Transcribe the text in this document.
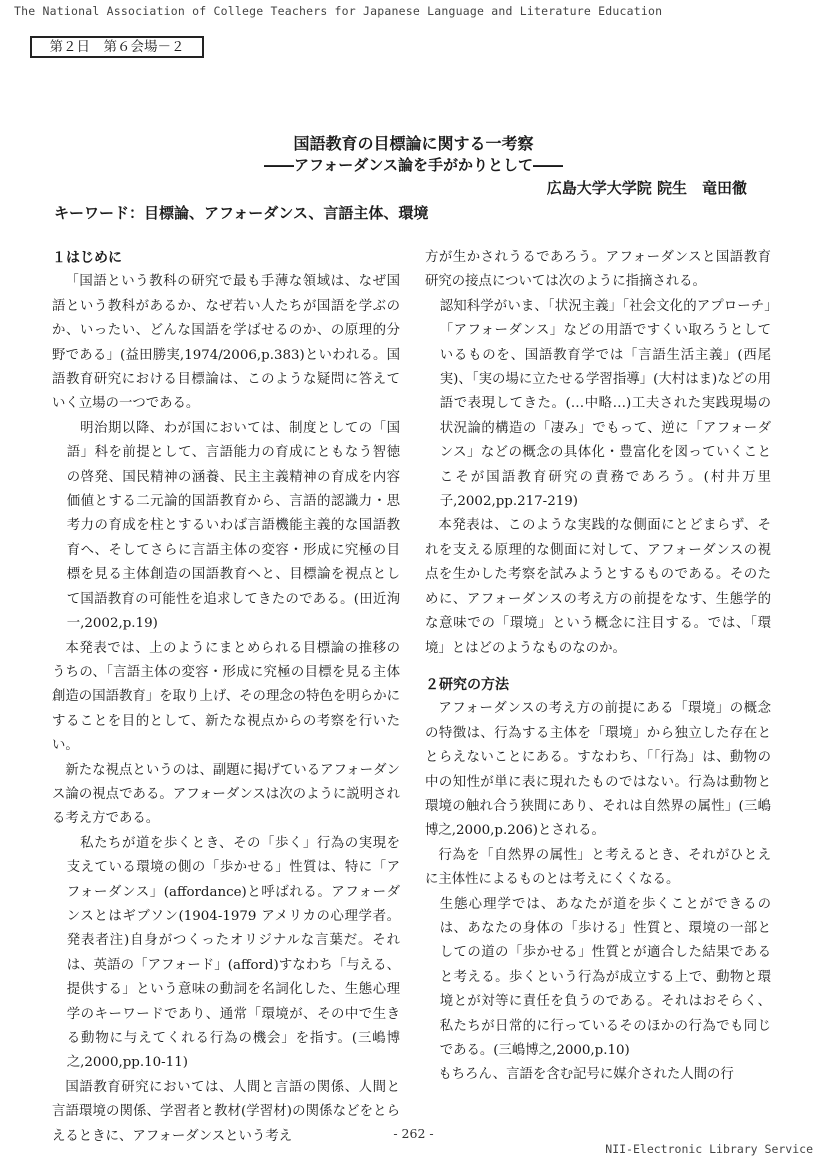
The National Association of College Teachers for Japanese Language and Literature Education
第２日　第６会場－２
国語教育の目標論に関する一考察
――アフォーダンス論を手がかりとして――
広島大学大学院 院生　竜田徹
キーワード：目標論、アフォーダンス、言語主体、環境
１はじめに

「国語という教科の研究で最も手薄な領域は、なぜ国語という教科があるか、なぜ若い人たちが国語を学ぶのか、いったい、どんな国語を学ばせるのか、の原理的分野である」(益田勝実,1974/2006,p.383)といわれる。国語教育研究における目標論は、このような疑問に答えていく立場の一つである。

明治期以降、わが国においては、制度としての「国語」科を前提として、言語能力の育成にともなう智徳の啓発、国民精神の涵養、民主主義精神の育成を内容価値とする二元論的国語教育から、言語的認識力・思考力の育成を柱とするいわば言語機能主義的な国語教育へ、そしてさらに言語主体の変容・形成に究極の目標を見る主体創造の国語教育へと、目標論を視点として国語教育の可能性を追求してきたのである。(田近洵一,2002,p.19)

本発表では、上のようにまとめられる目標論の推移のうちの、「言語主体の変容・形成に究極の目標を見る主体創造の国語教育」を取り上げ、その理念の特色を明らかにすることを目的として、新たな視点からの考察を行いたい。

新たな視点というのは、副題に掲げているアフォーダンス論の視点である。アフォーダンスは次のように説明される考え方である。

私たちが道を歩くとき、その「歩く」行為の実現を支えている環境の側の「歩かせる」性質は、特に「アフォーダンス」(affordance)と呼ばれる。アフォーダンスとはギブソン(1904-1979 アメリカの心理学者。発表者注)自身がつくったオリジナルな言葉だ。それは、英語の「アフォード」(afford)すなわち「与える、提供する」という意味の動詞を名詞化した、生態心理学のキーワードであり、通常「環境が、その中で生きる動物に与えてくれる行為の機会」を指す。(三嶋博之,2000,pp.10-11)

国語教育研究においては、人間と言語の関係、人間と言語環境の関係、学習者と教材(学習材)の関係などをとらえるときに、アフォーダンスという考え

方が生かされうるであろう。アフォーダンスと国語教育研究の接点については次のように指摘される。

認知科学がいま、「状況主義」「社会文化的アプローチ」「アフォーダンス」などの用語ですくい取ろうとしているものを、国語教育学では「言語生活主義」(西尾実)、「実の場に立たせる学習指導」(大村はま)などの用語で表現してきた。(…中略…)工夫された実践現場の状況論的構造の「凄み」でもって、逆に「アフォーダンス」などの概念の具体化・豊富化を図っていくことこそが国語教育研究の責務であろう。(村井万里子,2002,pp.217-219)

本発表は、このような実践的な側面にとどまらず、それを支える原理的な側面に対して、アフォーダンスの視点を生かした考察を試みようとするものである。そのために、アフォーダンスの考え方の前提をなす、生態学的な意味での「環境」という概念に注目する。では、「環境」とはどのようなものなのか。

２研究の方法

アフォーダンスの考え方の前提にある「環境」の概念の特徴は、行為する主体を「環境」から独立した存在ととらえないことにある。すなわち、「「行為」は、動物の中の知性が単に表に現れたものではない。行為は動物と環境の触れ合う狭間にあり、それは自然界の属性」(三嶋博之,2000,p.206)とされる。

行為を「自然界の属性」と考えるとき、それがひとえに主体性によるものとは考えにくくなる。

生態心理学では、あなたが道を歩くことができるのは、あなたの身体の「歩ける」性質と、環境の一部としての道の「歩かせる」性質とが適合した結果であると考える。歩くという行為が成立する上で、動物と環境とが対等に責任を負うのである。それはおそらく、私たちが日常的に行っているそのほかの行為でも同じである。(三嶋博之,2000,p.10)

もちろん、言語を含む記号に媒介された人間の行

- 262 -
NII-Electronic Library Service
